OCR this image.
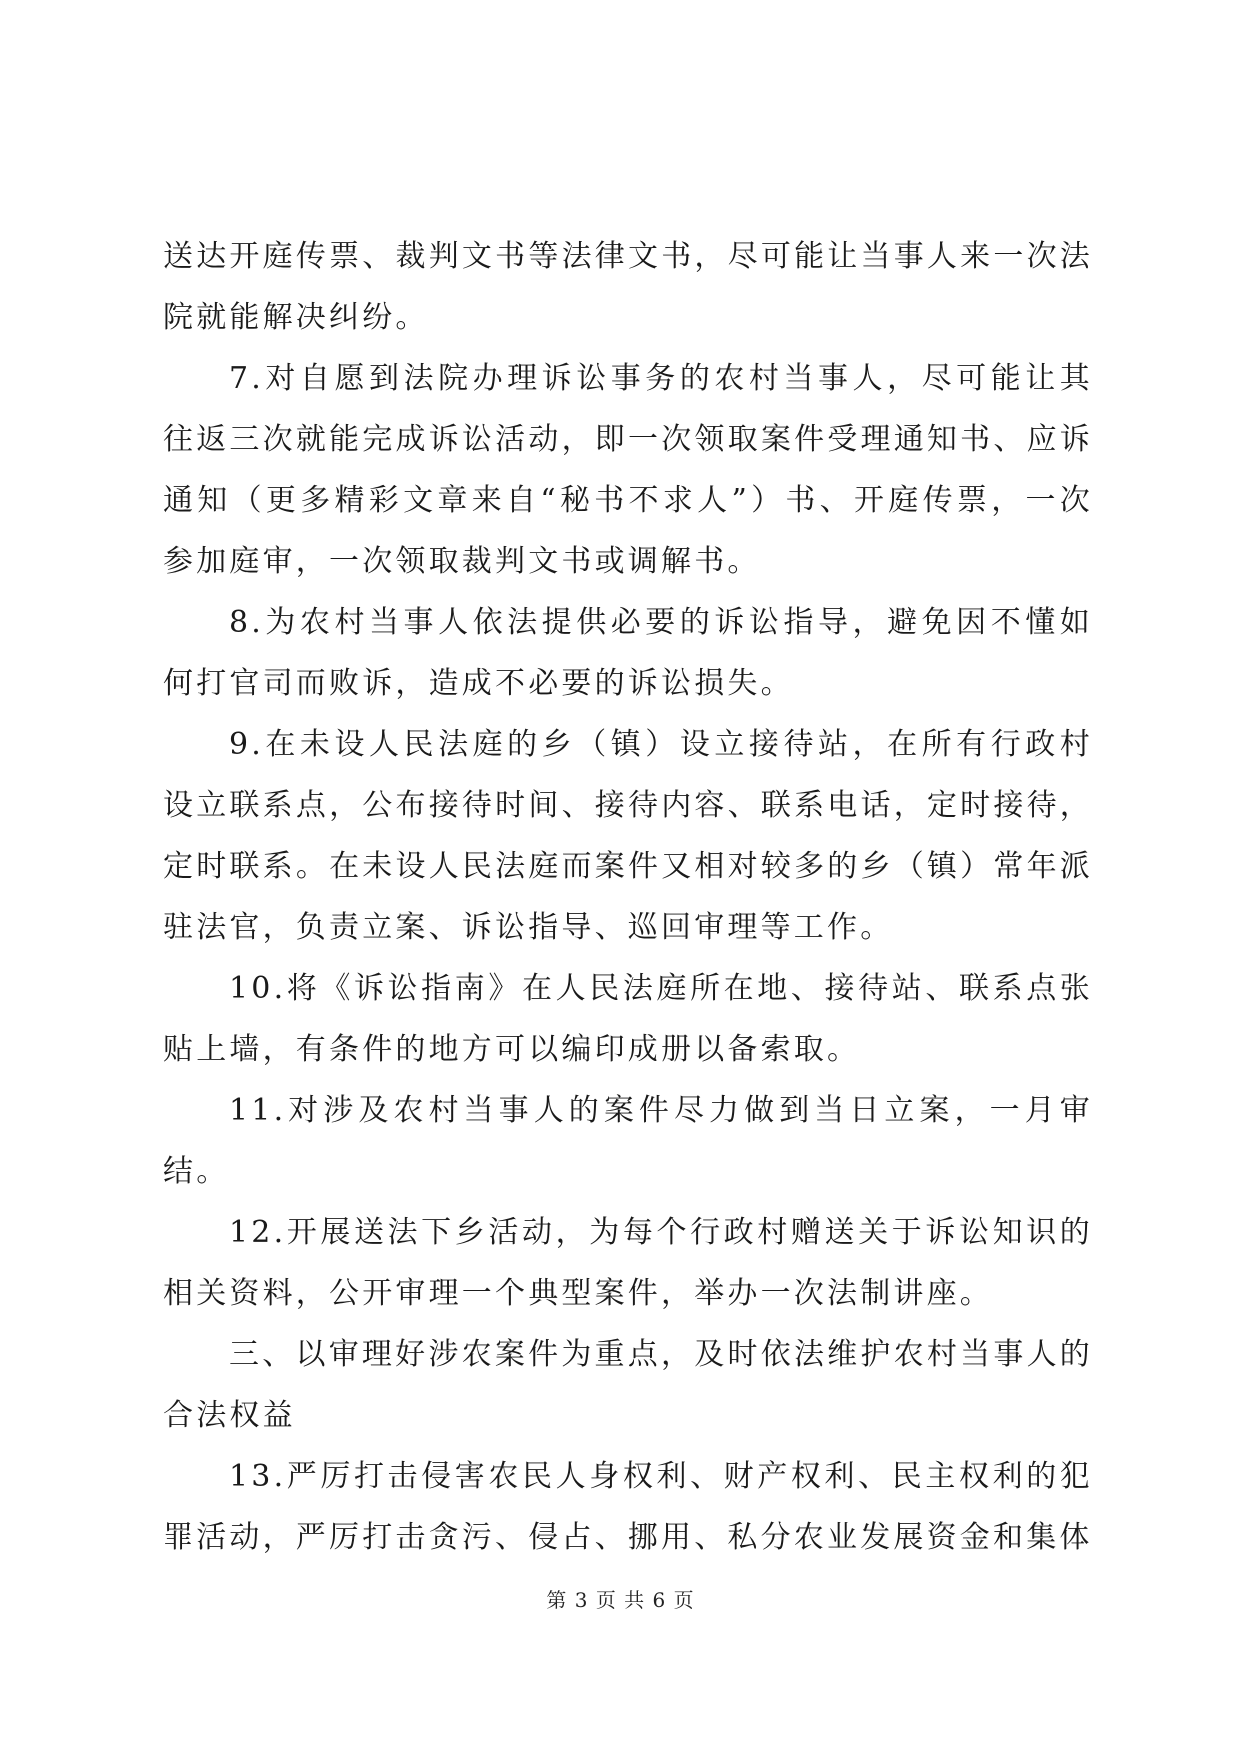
送达开庭传票、裁判文书等法律文书，尽可能让当事人来一次法院就能解决纠纷。

7.对自愿到法院办理诉讼事务的农村当事人，尽可能让其往返三次就能完成诉讼活动，即一次领取案件受理通知书、应诉通知（更多精彩文章来自“秘书不求人”）书、开庭传票，一次参加庭审，一次领取裁判文书或调解书。

8.为农村当事人依法提供必要的诉讼指导，避免因不懂如何打官司而败诉，造成不必要的诉讼损失。

9.在未设人民法庭的乡（镇）设立接待站，在所有行政村设立联系点，公布接待时间、接待内容、联系电话，定时接待，定时联系。在未设人民法庭而案件又相对较多的乡（镇）常年派驻法官，负责立案、诉讼指导、巡回审理等工作。

10.将《诉讼指南》在人民法庭所在地、接待站、联系点张贴上墙，有条件的地方可以编印成册以备索取。

11.对涉及农村当事人的案件尽力做到当日立案，一月审结。

12.开展送法下乡活动，为每个行政村赠送关于诉讼知识的相关资料，公开审理一个典型案件，举办一次法制讲座。

三、以审理好涉农案件为重点，及时依法维护农村当事人的合法权益

13.严厉打击侵害农民人身权利、财产权利、民主权利的犯罪活动，严厉打击贪污、侵占、挪用、私分农业发展资金和集体

第 3 页 共 6 页
